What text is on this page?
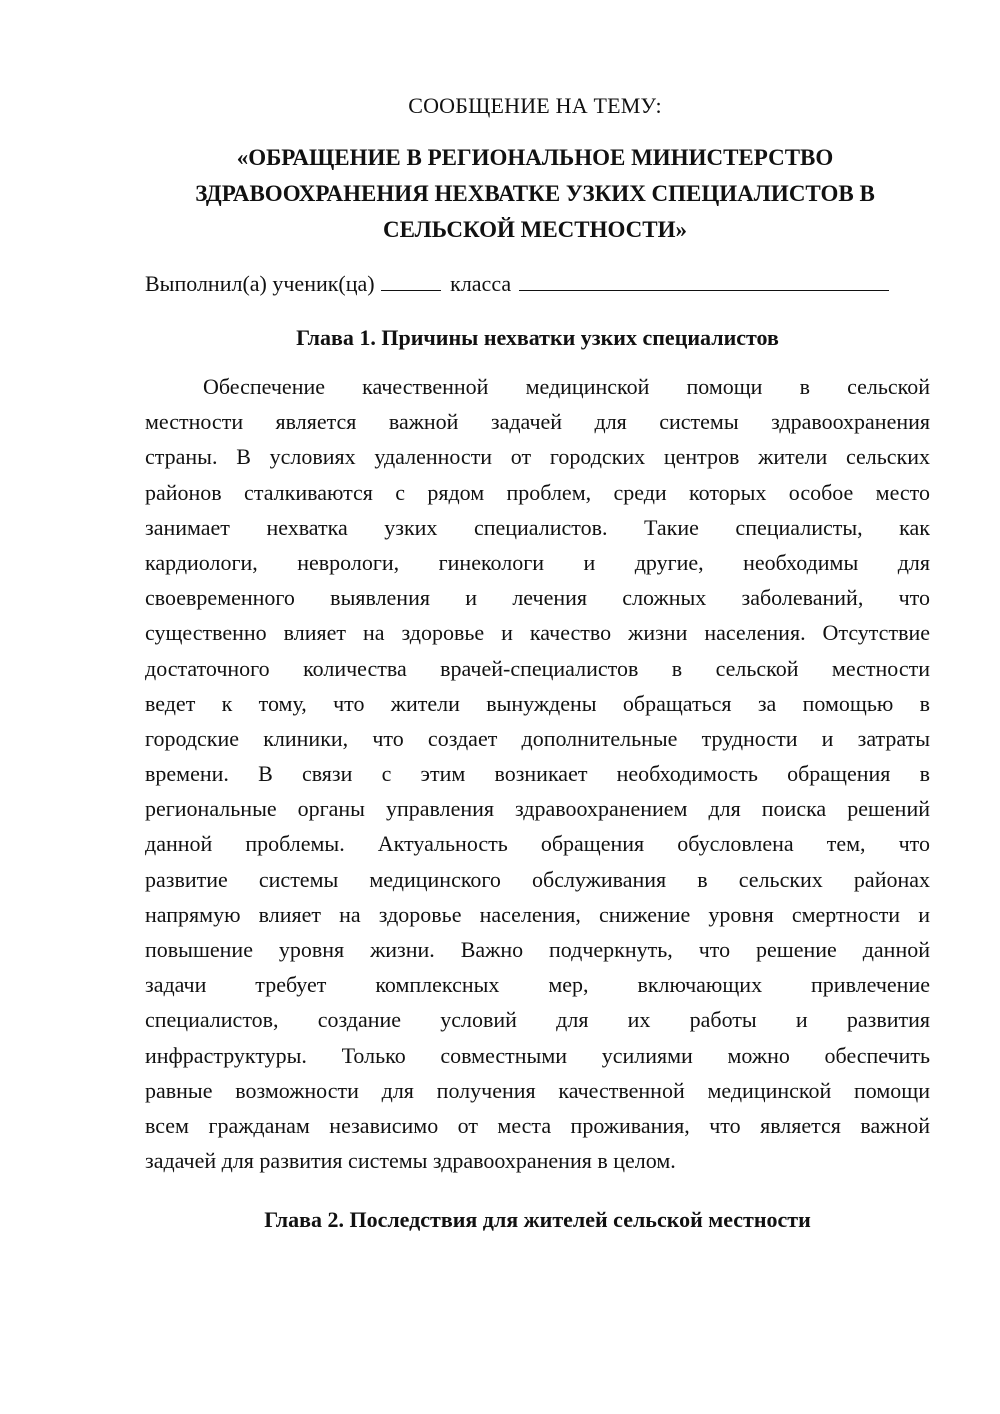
СООБЩЕНИЕ НА ТЕМУ:
«ОБРАЩЕНИЕ В РЕГИОНАЛЬНОЕ МИНИСТЕРСТВО
ЗДРАВООХРАНЕНИЯ НЕХВАТКЕ УЗКИХ СПЕЦИАЛИСТОВ В
СЕЛЬСКОЙ МЕСТНОСТИ»
Выполнил(а) ученик(ца)	класса
Глава 1. Причины нехватки узких специалистов
Обеспечение качественной медицинской помощи в сельской
местности является важной задачей для системы здравоохранения
страны. В условиях удаленности от городских центров жители сельских
районов сталкиваются с рядом проблем, среди которых особое место
занимает нехватка узких специалистов. Такие специалисты, как
кардиологи, неврологи, гинекологи и другие, необходимы для
своевременного выявления и лечения сложных заболеваний, что
существенно влияет на здоровье и качество жизни населения. Отсутствие
достаточного количества врачей-специалистов в сельской местности
ведет к тому, что жители вынуждены обращаться за помощью в
городские клиники, что создает дополнительные трудности и затраты
времени. В связи с этим возникает необходимость обращения в
региональные органы управления здравоохранением для поиска решений
данной проблемы. Актуальность обращения обусловлена тем, что
развитие системы медицинского обслуживания в сельских районах
напрямую влияет на здоровье населения, снижение уровня смертности и
повышение уровня жизни. Важно подчеркнуть, что решение данной
задачи требует комплексных мер, включающих привлечение
специалистов, создание условий для их работы и развития
инфраструктуры. Только совместными усилиями можно обеспечить
равные возможности для получения качественной медицинской помощи
всем гражданам независимо от места проживания, что является важной
задачей для развития системы здравоохранения в целом.
Глава 2. Последствия для жителей сельской местности
